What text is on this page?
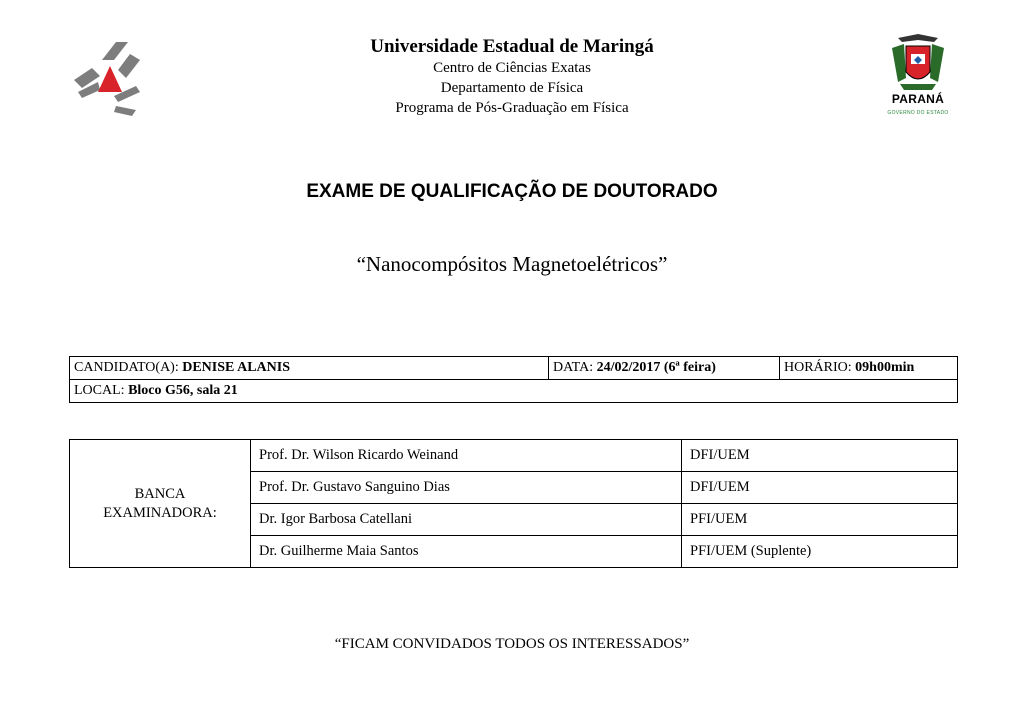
Universidade Estadual de Maringá
Centro de Ciências Exatas
Departamento de Física
Programa de Pós-Graduação em Física
PARANÁ
GOVERNO DO ESTADO
EXAME DE QUALIFICAÇÃO DE DOUTORADO
“Nanocompósitos Magnetoelétricos”
CANDIDATO(A): DENISE ALANIS	DATA: 24/02/2017 (6ª feira)	HORÁRIO: 09h00min
LOCAL: Bloco G56, sala 21
BANCA
EXAMINADORA:	Prof. Dr. Wilson Ricardo Weinand	DFI/UEM
	Prof. Dr. Gustavo Sanguino Dias	DFI/UEM
	Dr. Igor Barbosa Catellani	PFI/UEM
	Dr. Guilherme Maia Santos	PFI/UEM (Suplente)
“FICAM CONVIDADOS TODOS OS INTERESSADOS”
